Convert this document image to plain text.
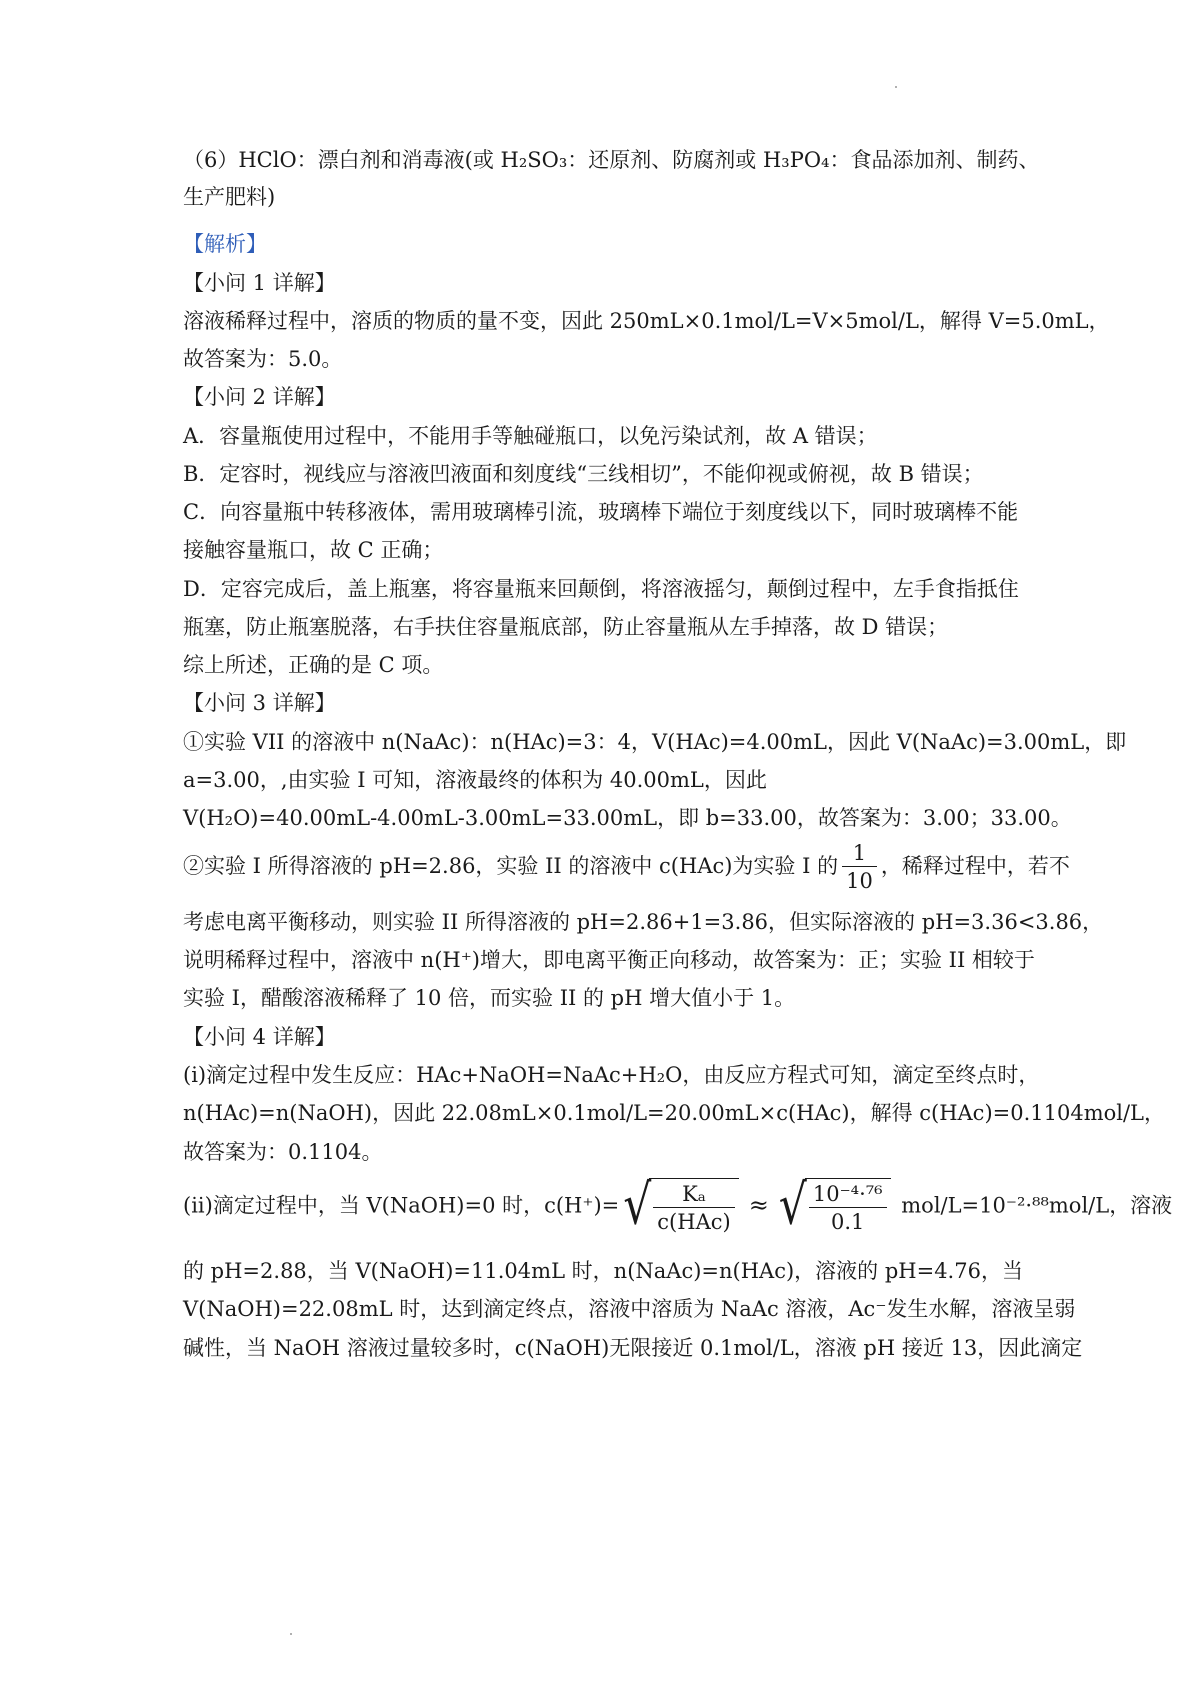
（6）HClO：漂白剂和消毒液(或 H₂SO₃：还原剂、防腐剂或 H₃PO₄：食品添加剂、制药、
生产肥料)
【解析】
【小问 1 详解】
溶液稀释过程中，溶质的物质的量不变，因此 250mL×0.1mol/L=V×5mol/L，解得 V=5.0mL，
故答案为：5.0。
【小问 2 详解】
A．容量瓶使用过程中，不能用手等触碰瓶口，以免污染试剂，故 A 错误；
B．定容时，视线应与溶液凹液面和刻度线“三线相切”，不能仰视或俯视，故 B 错误；
C．向容量瓶中转移液体，需用玻璃棒引流，玻璃棒下端位于刻度线以下，同时玻璃棒不能
接触容量瓶口，故 C 正确；
D．定容完成后，盖上瓶塞，将容量瓶来回颠倒，将溶液摇匀，颠倒过程中，左手食指抵住
瓶塞，防止瓶塞脱落，右手扶住容量瓶底部，防止容量瓶从左手掉落，故 D 错误；
综上所述，正确的是 C 项。
【小问 3 详解】
①实验 VII 的溶液中 n(NaAc)：n(HAc)=3：4，V(HAc)=4.00mL，因此 V(NaAc)=3.00mL，即
a=3.00，,由实验 I 可知，溶液最终的体积为 40.00mL，因此
V(H₂O)=40.00mL-4.00mL-3.00mL=33.00mL，即 b=33.00，故答案为：3.00；33.00。
②实验 I 所得溶液的 pH=2.86，实验 II 的溶液中 c(HAc)为实验 I 的 $\frac{1}{10}$ ，稀释过程中，若不
考虑电离平衡移动，则实验 II 所得溶液的 pH=2.86+1=3.86，但实际溶液的 pH=3.36<3.86，
说明稀释过程中，溶液中 n(H⁺)增大，即电离平衡正向移动，故答案为：正；实验 II 相较于
实验 I，醋酸溶液稀释了 10 倍，而实验 II 的 pH 增大值小于 1。
【小问 4 详解】
(i)滴定过程中发生反应：HAc+NaOH=NaAc+H₂O，由反应方程式可知，滴定至终点时，
n(HAc)=n(NaOH)，因此 22.08mL×0.1mol/L=20.00mL×c(HAc)，解得 c(HAc)=0.1104mol/L，
故答案为：0.1104。
(ii)滴定过程中，当 V(NaOH)=0 时，c(H⁺)= √ $\frac{\text{Kₐ}}{\text{c(HAc)}}$ ≈ √ $\frac{\text{10⁻⁴·⁷⁶}}{0.1} mol/L=10^{-2}\cdot^{88}mol/L$，溶液
的 pH=2.88，当 V(NaOH)=11.04mL 时，n(NaAc)=n(HAc)，溶液的 pH=4.76，当
V(NaOH)=22.08mL 时，达到滴定终点，溶液中溶质为 NaAc 溶液，Ac⁻发生水解，溶液呈弱
碱性，当 NaOH 溶液过量较多时，c(NaOH)无限接近 0.1mol/L，溶液 pH 接近 13，因此滴定
